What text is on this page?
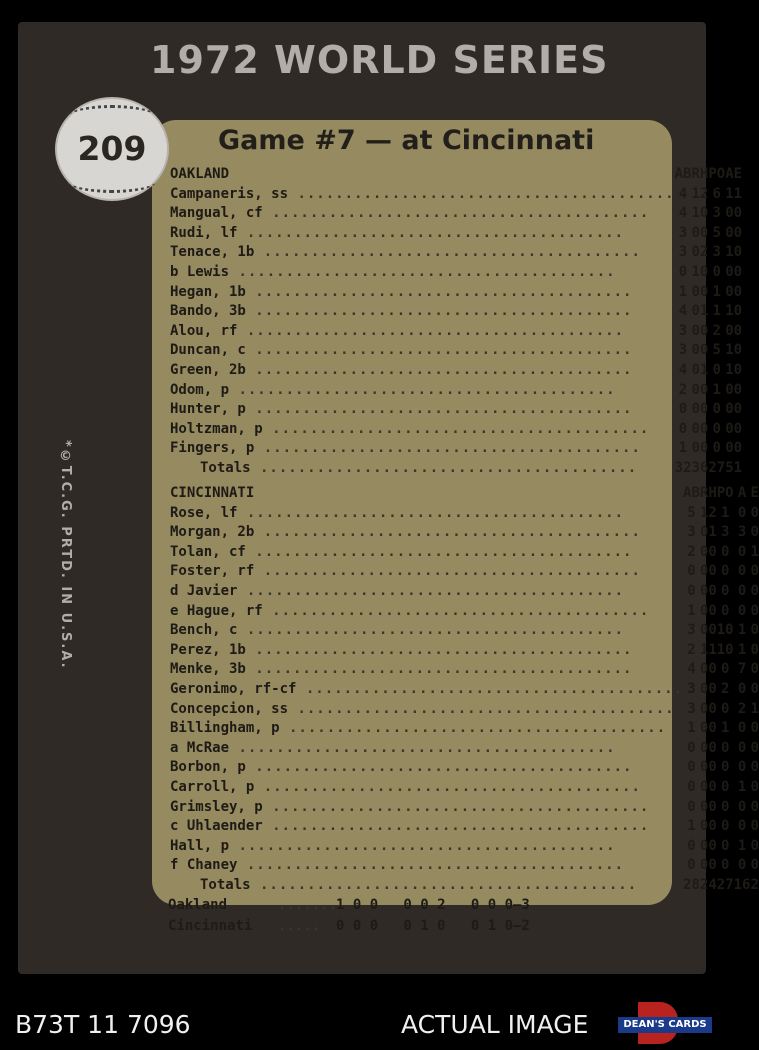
1972 WORLD SERIES
209	Game #7 — at Cincinnati
*©T.C.G. PRTD. IN U.S.A.
OAKLAND	AB	R	H	PO	A	E
Campaneris, ss ........................................	4	1	2	6	1	1
Mangual, cf ........................................	4	1	0	3	0	0
Rudi, lf ........................................	3	0	0	5	0	0
Tenace, 1b ........................................	3	0	2	3	1	0
b Lewis ........................................	0	1	0	0	0	0
Hegan, 1b ........................................	1	0	0	1	0	0
Bando, 3b ........................................	4	0	1	1	1	0
Alou, rf ........................................	3	0	0	2	0	0
Duncan, c ........................................	3	0	0	5	1	0
Green, 2b ........................................	4	0	1	0	1	0
Odom, p ........................................	2	0	0	1	0	0
Hunter, p ........................................	0	0	0	0	0	0
Holtzman, p ........................................	0	0	0	0	0	0
Fingers, p ........................................	1	0	0	0	0	0
Totals ........................................	32	3	6	27	5	1
CINCINNATI	AB	R	H	PO	A	E
Rose, lf ........................................	5	1	2	1	0	0
Morgan, 2b ........................................	3	0	1	3	3	0
Tolan, cf ........................................	2	0	0	0	0	1
Foster, rf ........................................	0	0	0	0	0	0
d Javier ........................................	0	0	0	0	0	0
e Hague, rf ........................................	1	0	0	0	0	0
Bench, c ........................................	3	0	0	10	1	0
Perez, 1b ........................................	2	1	1	10	1	0
Menke, 3b ........................................	4	0	0	0	7	0
Geronimo, rf-cf ........................................	3	0	0	2	0	0
Concepcion, ss ........................................	3	0	0	0	2	1
Billingham, p ........................................	1	0	0	1	0	0
a McRae ........................................	0	0	0	0	0	0
Borbon, p ........................................	0	0	0	0	0	0
Carroll, p ........................................	0	0	0	0	1	0
Grimsley, p ........................................	0	0	0	0	0	0
c Uhlaender ........................................	1	0	0	0	0	0
Hall, p ........................................	0	0	0	0	1	0
f Chaney ........................................	0	0	0	0	0	0
Totals ........................................	28	2	4	27	16	2
Oakland	........1 0 0   0 0 2   0 0 0—3
Cincinnati ..... 0 0 0   0 1 0   0 1 0—2
B73T 11 7096	ACTUAL IMAGE	DEAN'S CARDS
